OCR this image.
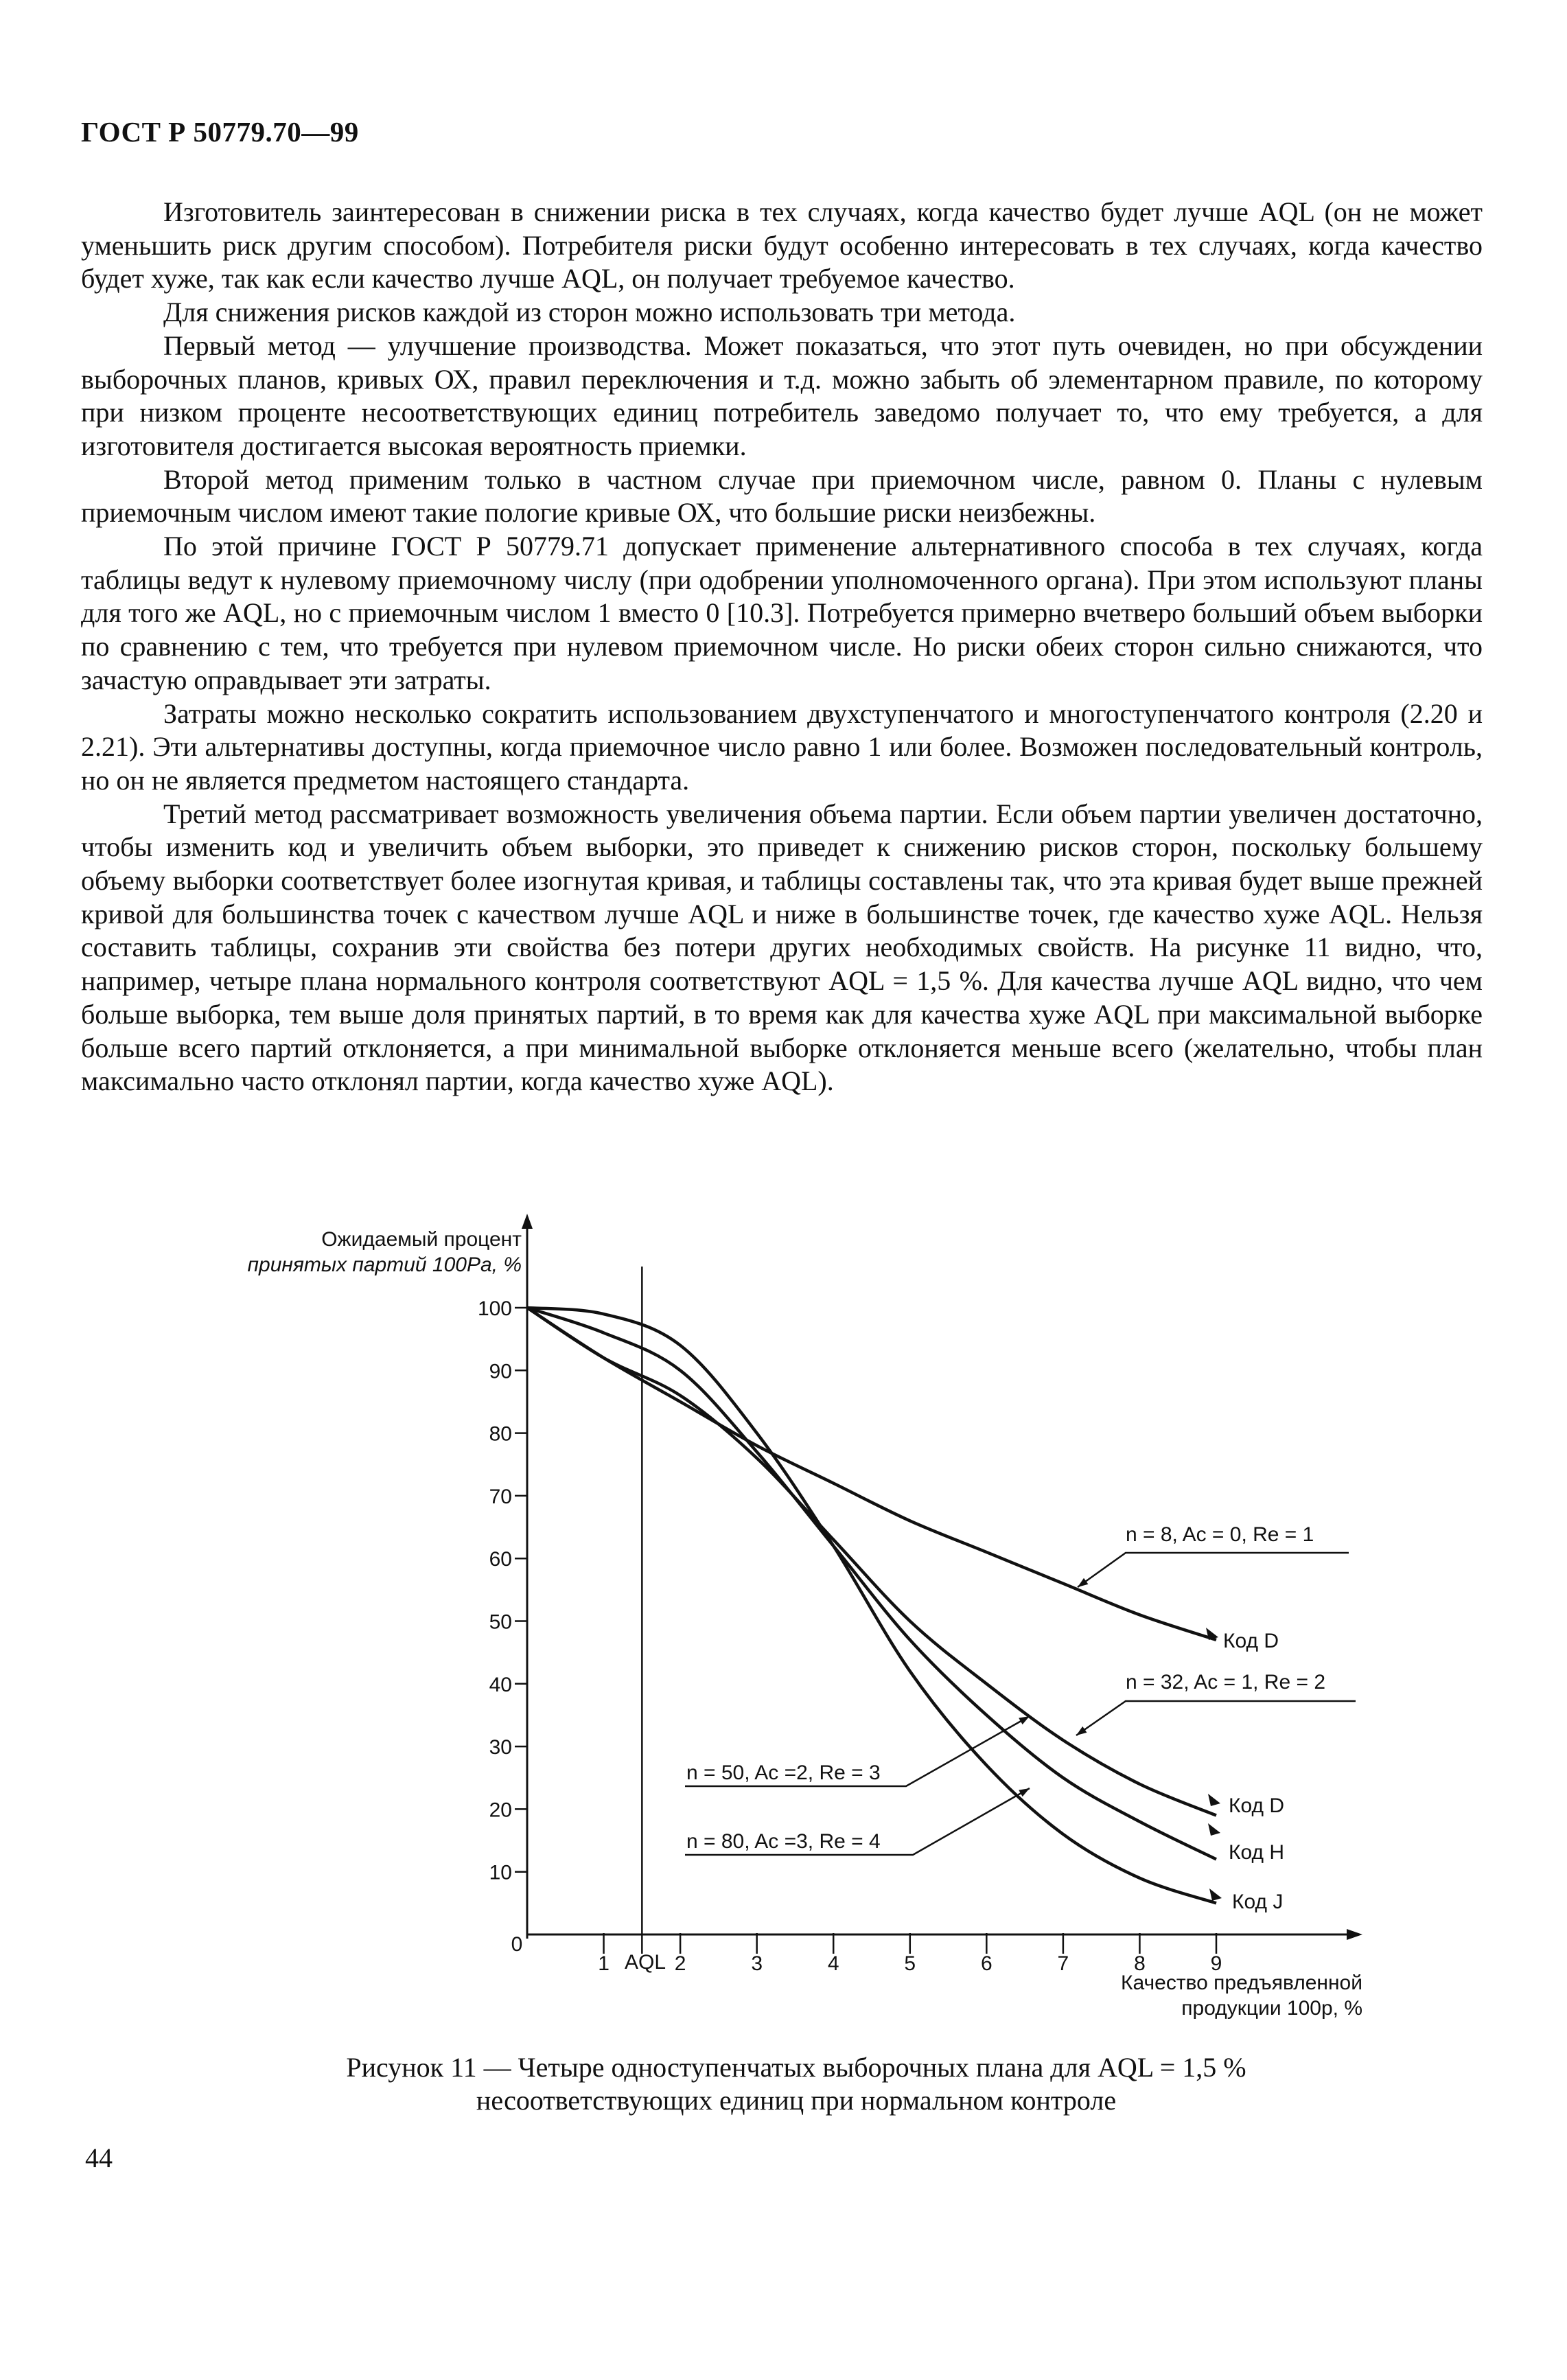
ГОСТ Р 50779.70—99

Изготовитель заинтересован в снижении риска в тех случаях, когда качество будет лучше AQL (он не может уменьшить риск другим способом). Потребителя риски будут особенно интересовать в тех случаях, когда качество будет хуже, так как если качество лучше AQL, он получает требуемое качество.

Для снижения рисков каждой из сторон можно использовать три метода.

Первый метод — улучшение производства. Может показаться, что этот путь очевиден, но при обсуждении выборочных планов, кривых ОХ, правил переключения и т.д. можно забыть об элементарном правиле, по которому при низком проценте несоответствующих единиц потребитель заведомо получает то, что ему требуется, а для изготовителя достигается высокая вероятность приемки.

Второй метод применим только в частном случае при приемочном числе, равном 0. Планы с нулевым приемочным числом имеют такие пологие кривые ОХ, что большие риски неизбежны.

По этой причине ГОСТ Р 50779.71 допускает применение альтернативного способа в тех случаях, когда таблицы ведут к нулевому приемочному числу (при одобрении уполномоченного органа). При этом используют планы для того же AQL, но с приемочным числом 1 вместо 0 [10.3]. Потребуется примерно вчетверо больший объем выборки по сравнению с тем, что требуется при нулевом приемочном числе. Но риски обеих сторон сильно снижаются, что зачастую оправдывает эти затраты.

Затраты можно несколько сократить использованием двухступенчатого и многоступенчатого контроля (2.20 и 2.21). Эти альтернативы доступны, когда приемочное число равно 1 или более. Возможен последовательный контроль, но он не является предметом настоящего стандарта.

Третий метод рассматривает возможность увеличения объема партии. Если объем партии увеличен достаточно, чтобы изменить код и увеличить объем выборки, это приведет к снижению рисков сторон, поскольку большему объему выборки соответствует более изогнутая кривая, и таблицы составлены так, что эта кривая будет выше прежней кривой для большинства точек с качеством лучше AQL и ниже в большинстве точек, где качество хуже AQL. Нельзя составить таблицы, сохранив эти свойства без потери других необходимых свойств. На рисунке 11 видно, что, например, четыре плана нормального контроля соответствуют AQL = 1,5 %. Для качества лучше AQL видно, что чем больше выборка, тем выше доля принятых партий, в то время как для качества хуже AQL при максимальной выборке больше всего партий отклоняется, а при минимальной выборке отклоняется меньше всего (желательно, чтобы план максимально часто отклонял партии, когда качество хуже AQL).

Ожидаемый процент
принятых партий 100Pa, %
Качество предъявленной
продукции 100p, %
0
AQL
10
20
30
40
50
60
70
80
90
100
1	2	3	4	5	6	7	8	9
n = 8, Ac = 0, Re = 1
n = 32, Ac = 1, Re = 2
n = 50, Ac =2, Re = 3
n = 80, Ac =3, Re = 4
Код D
Код D
Код H
Код J
Рисунок 11 — Четыре одноступенчатых выборочных плана для AQL = 1,5 %
несоответствующих единиц при нормальном контроле
44
